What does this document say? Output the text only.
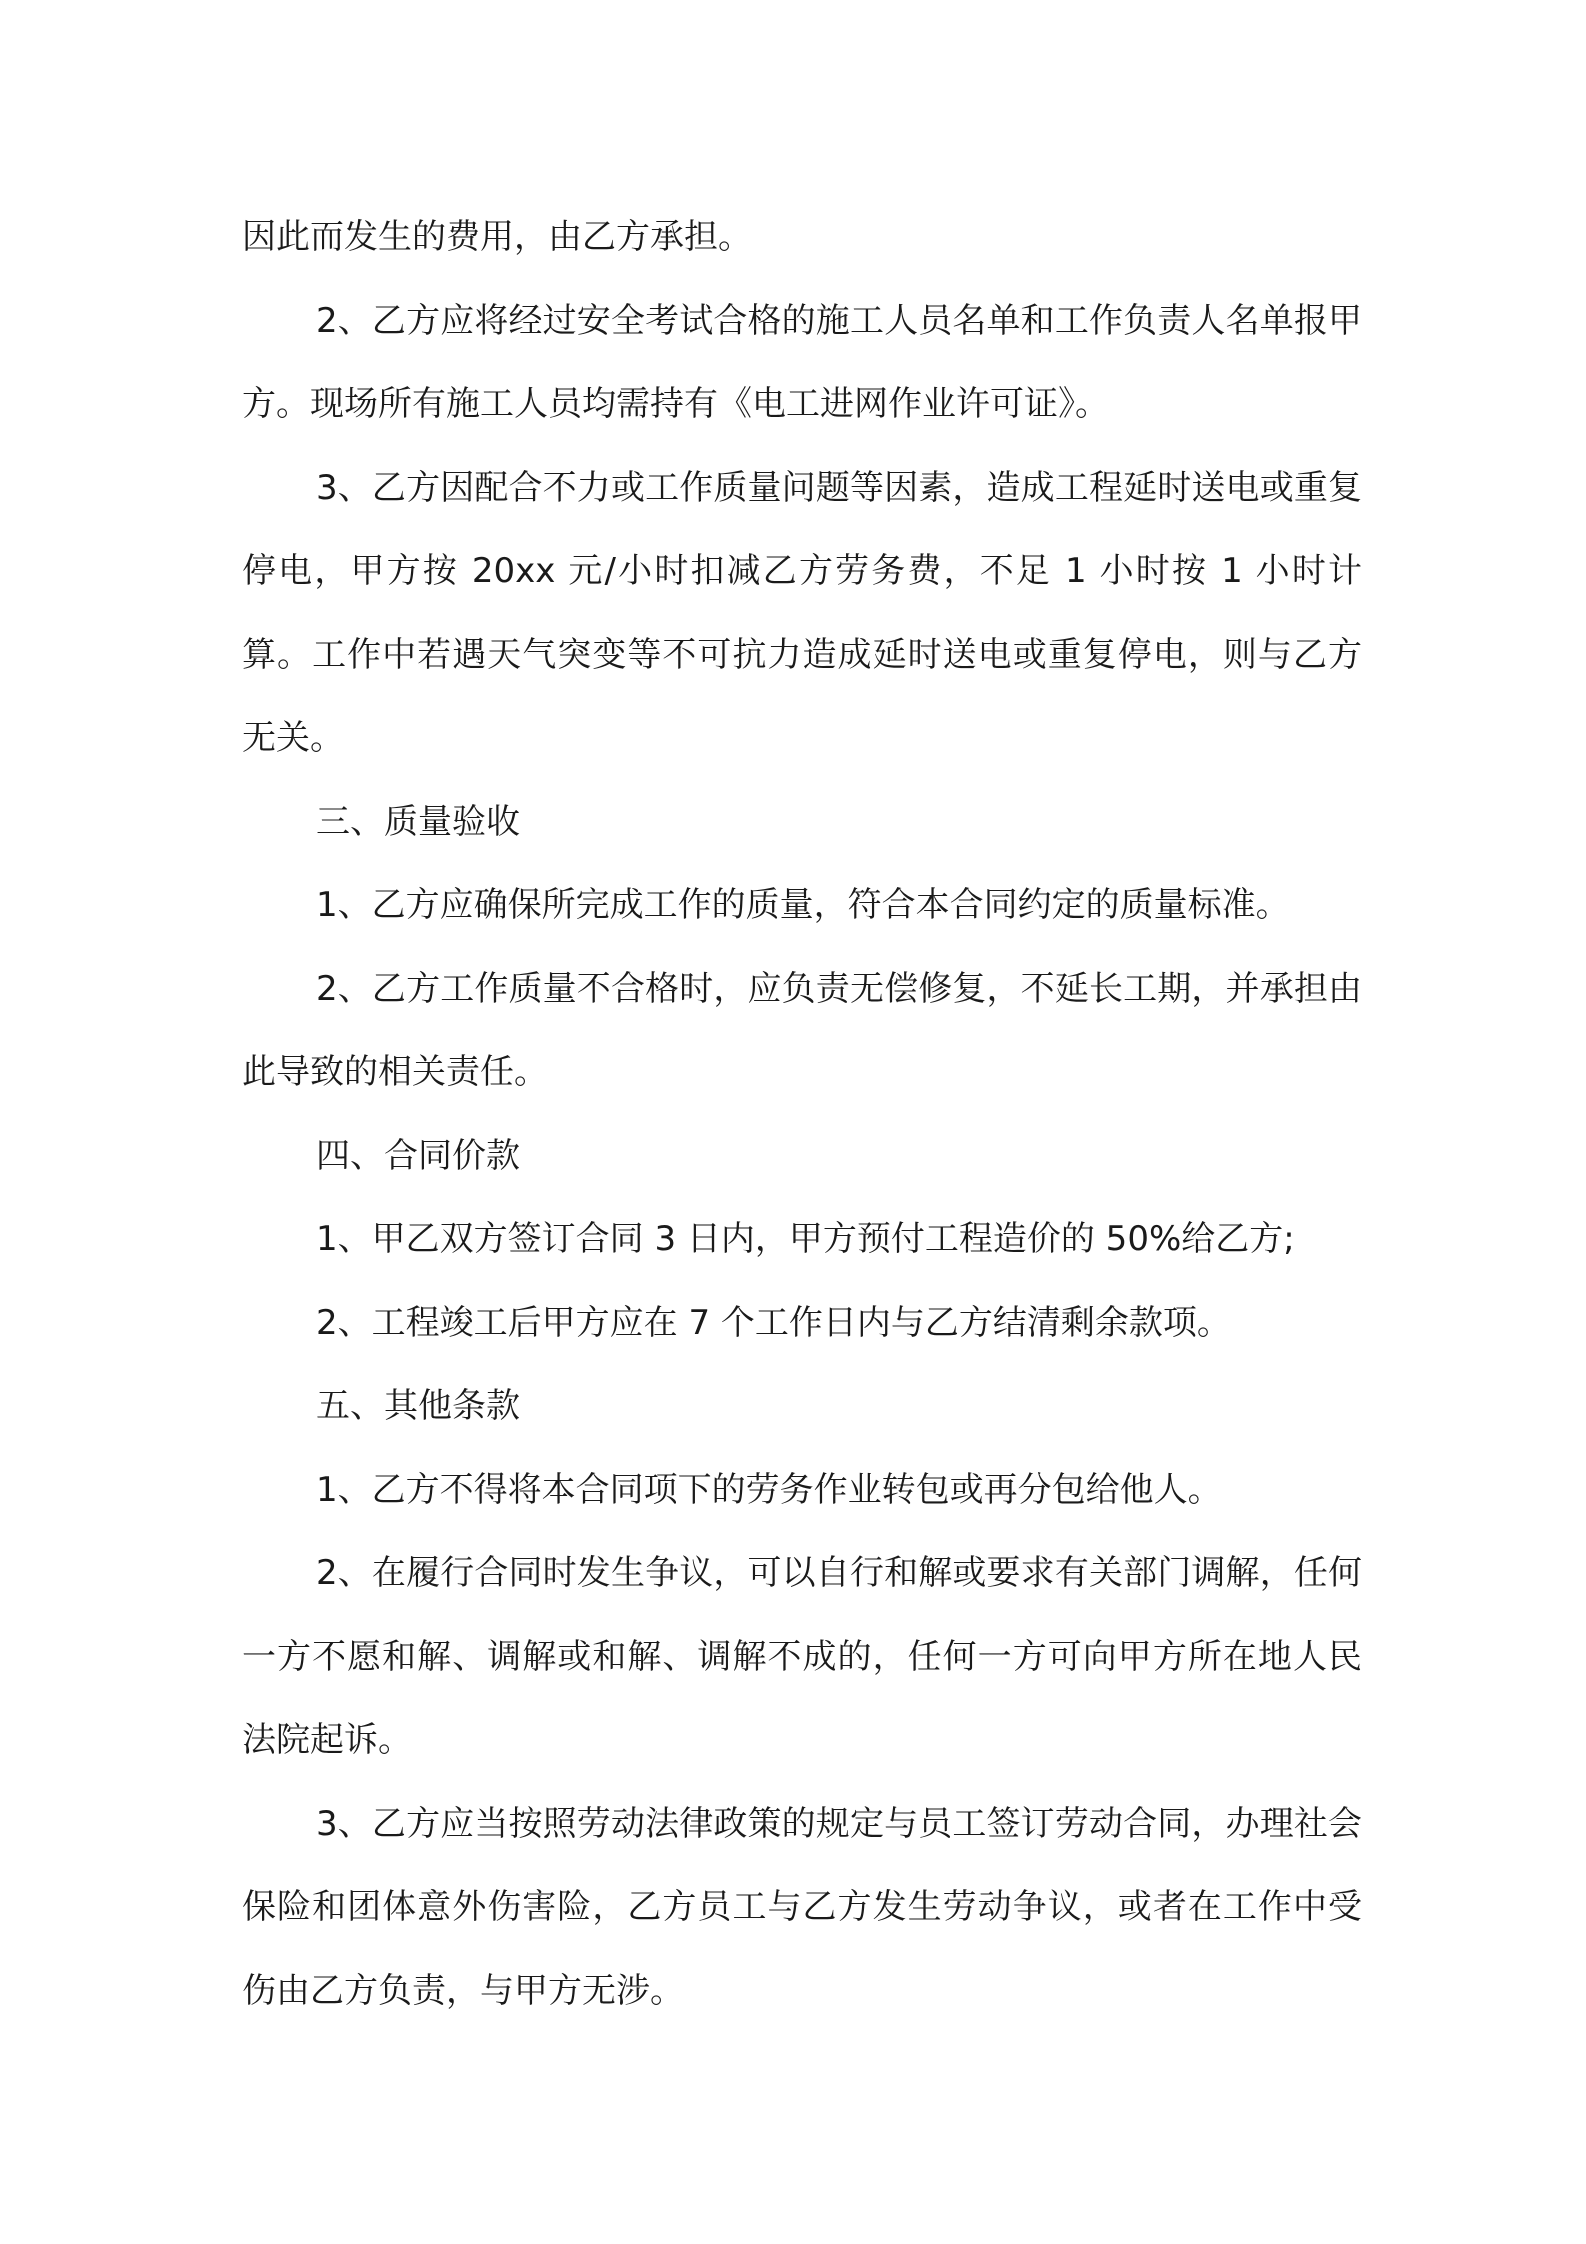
因此而发生的费用，由乙方承担。

2、乙方应将经过安全考试合格的施工人员名单和工作负责人名单报甲方。现场所有施工人员均需持有《电工进网作业许可证》。

3、乙方因配合不力或工作质量问题等因素，造成工程延时送电或重复停电，甲方按 20xx 元/小时扣减乙方劳务费，不足 1 小时按 1 小时计算。工作中若遇天气突变等不可抗力造成延时送电或重复停电，则与乙方无关。

三、质量验收

1、乙方应确保所完成工作的质量，符合本合同约定的质量标准。

2、乙方工作质量不合格时，应负责无偿修复，不延长工期，并承担由此导致的相关责任。

四、合同价款

1、甲乙双方签订合同 3 日内，甲方预付工程造价的 50%给乙方;

2、工程竣工后甲方应在 7 个工作日内与乙方结清剩余款项。

五、其他条款

1、乙方不得将本合同项下的劳务作业转包或再分包给他人。

2、在履行合同时发生争议，可以自行和解或要求有关部门调解，任何一方不愿和解、调解或和解、调解不成的，任何一方可向甲方所在地人民法院起诉。

3、乙方应当按照劳动法律政策的规定与员工签订劳动合同，办理社会保险和团体意外伤害险，乙方员工与乙方发生劳动争议，或者在工作中受伤由乙方负责，与甲方无涉。
